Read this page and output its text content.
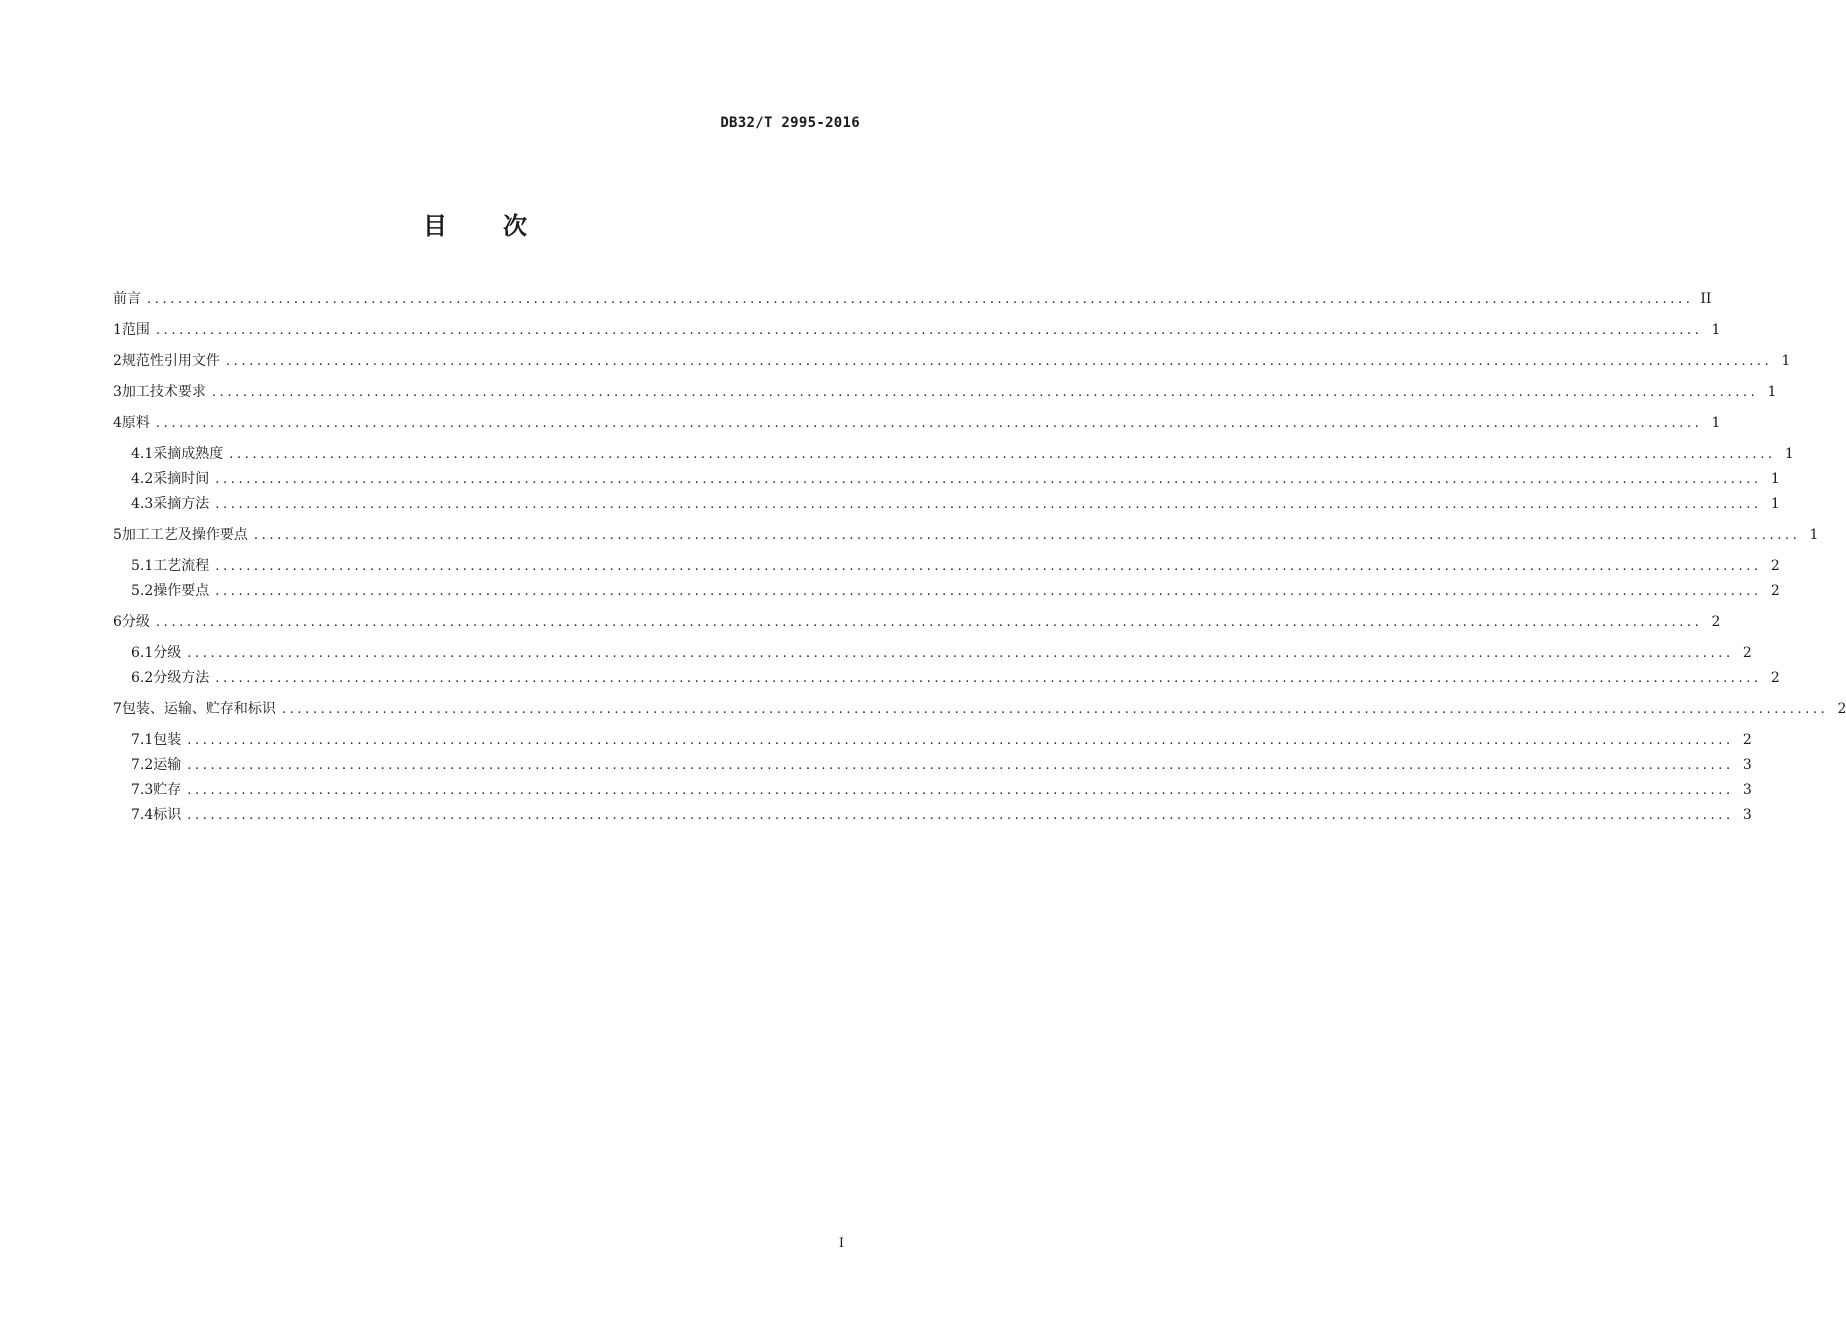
DB32/T 2995-2016
目 次
前言 ........................................................................................................................................................................................................ II
1 范围 ........................................................................................................................................................................................................ 1
2 规范性引用文件 ........................................................................................................................................................................................................ 1
3 加工技术要求 ........................................................................................................................................................................................................ 1
4 原料 ........................................................................................................................................................................................................ 1
4.1 采摘成熟度 ........................................................................................................................................................................................................ 1
4.2 采摘时间 ........................................................................................................................................................................................................ 1
4.3 采摘方法 ........................................................................................................................................................................................................ 1
5 加工工艺及操作要点 ........................................................................................................................................................................................................ 1
5.1 工艺流程 ........................................................................................................................................................................................................ 2
5.2 操作要点 ........................................................................................................................................................................................................ 2
6 分级 ........................................................................................................................................................................................................ 2
6.1 分级 ........................................................................................................................................................................................................ 2
6.2 分级方法 ........................................................................................................................................................................................................ 2
7 包装、运输、贮存和标识 ........................................................................................................................................................................................................ 2
7.1 包装 ........................................................................................................................................................................................................ 2
7.2 运输 ........................................................................................................................................................................................................ 3
7.3 贮存 ........................................................................................................................................................................................................ 3
7.4 标识 ........................................................................................................................................................................................................ 3
I
